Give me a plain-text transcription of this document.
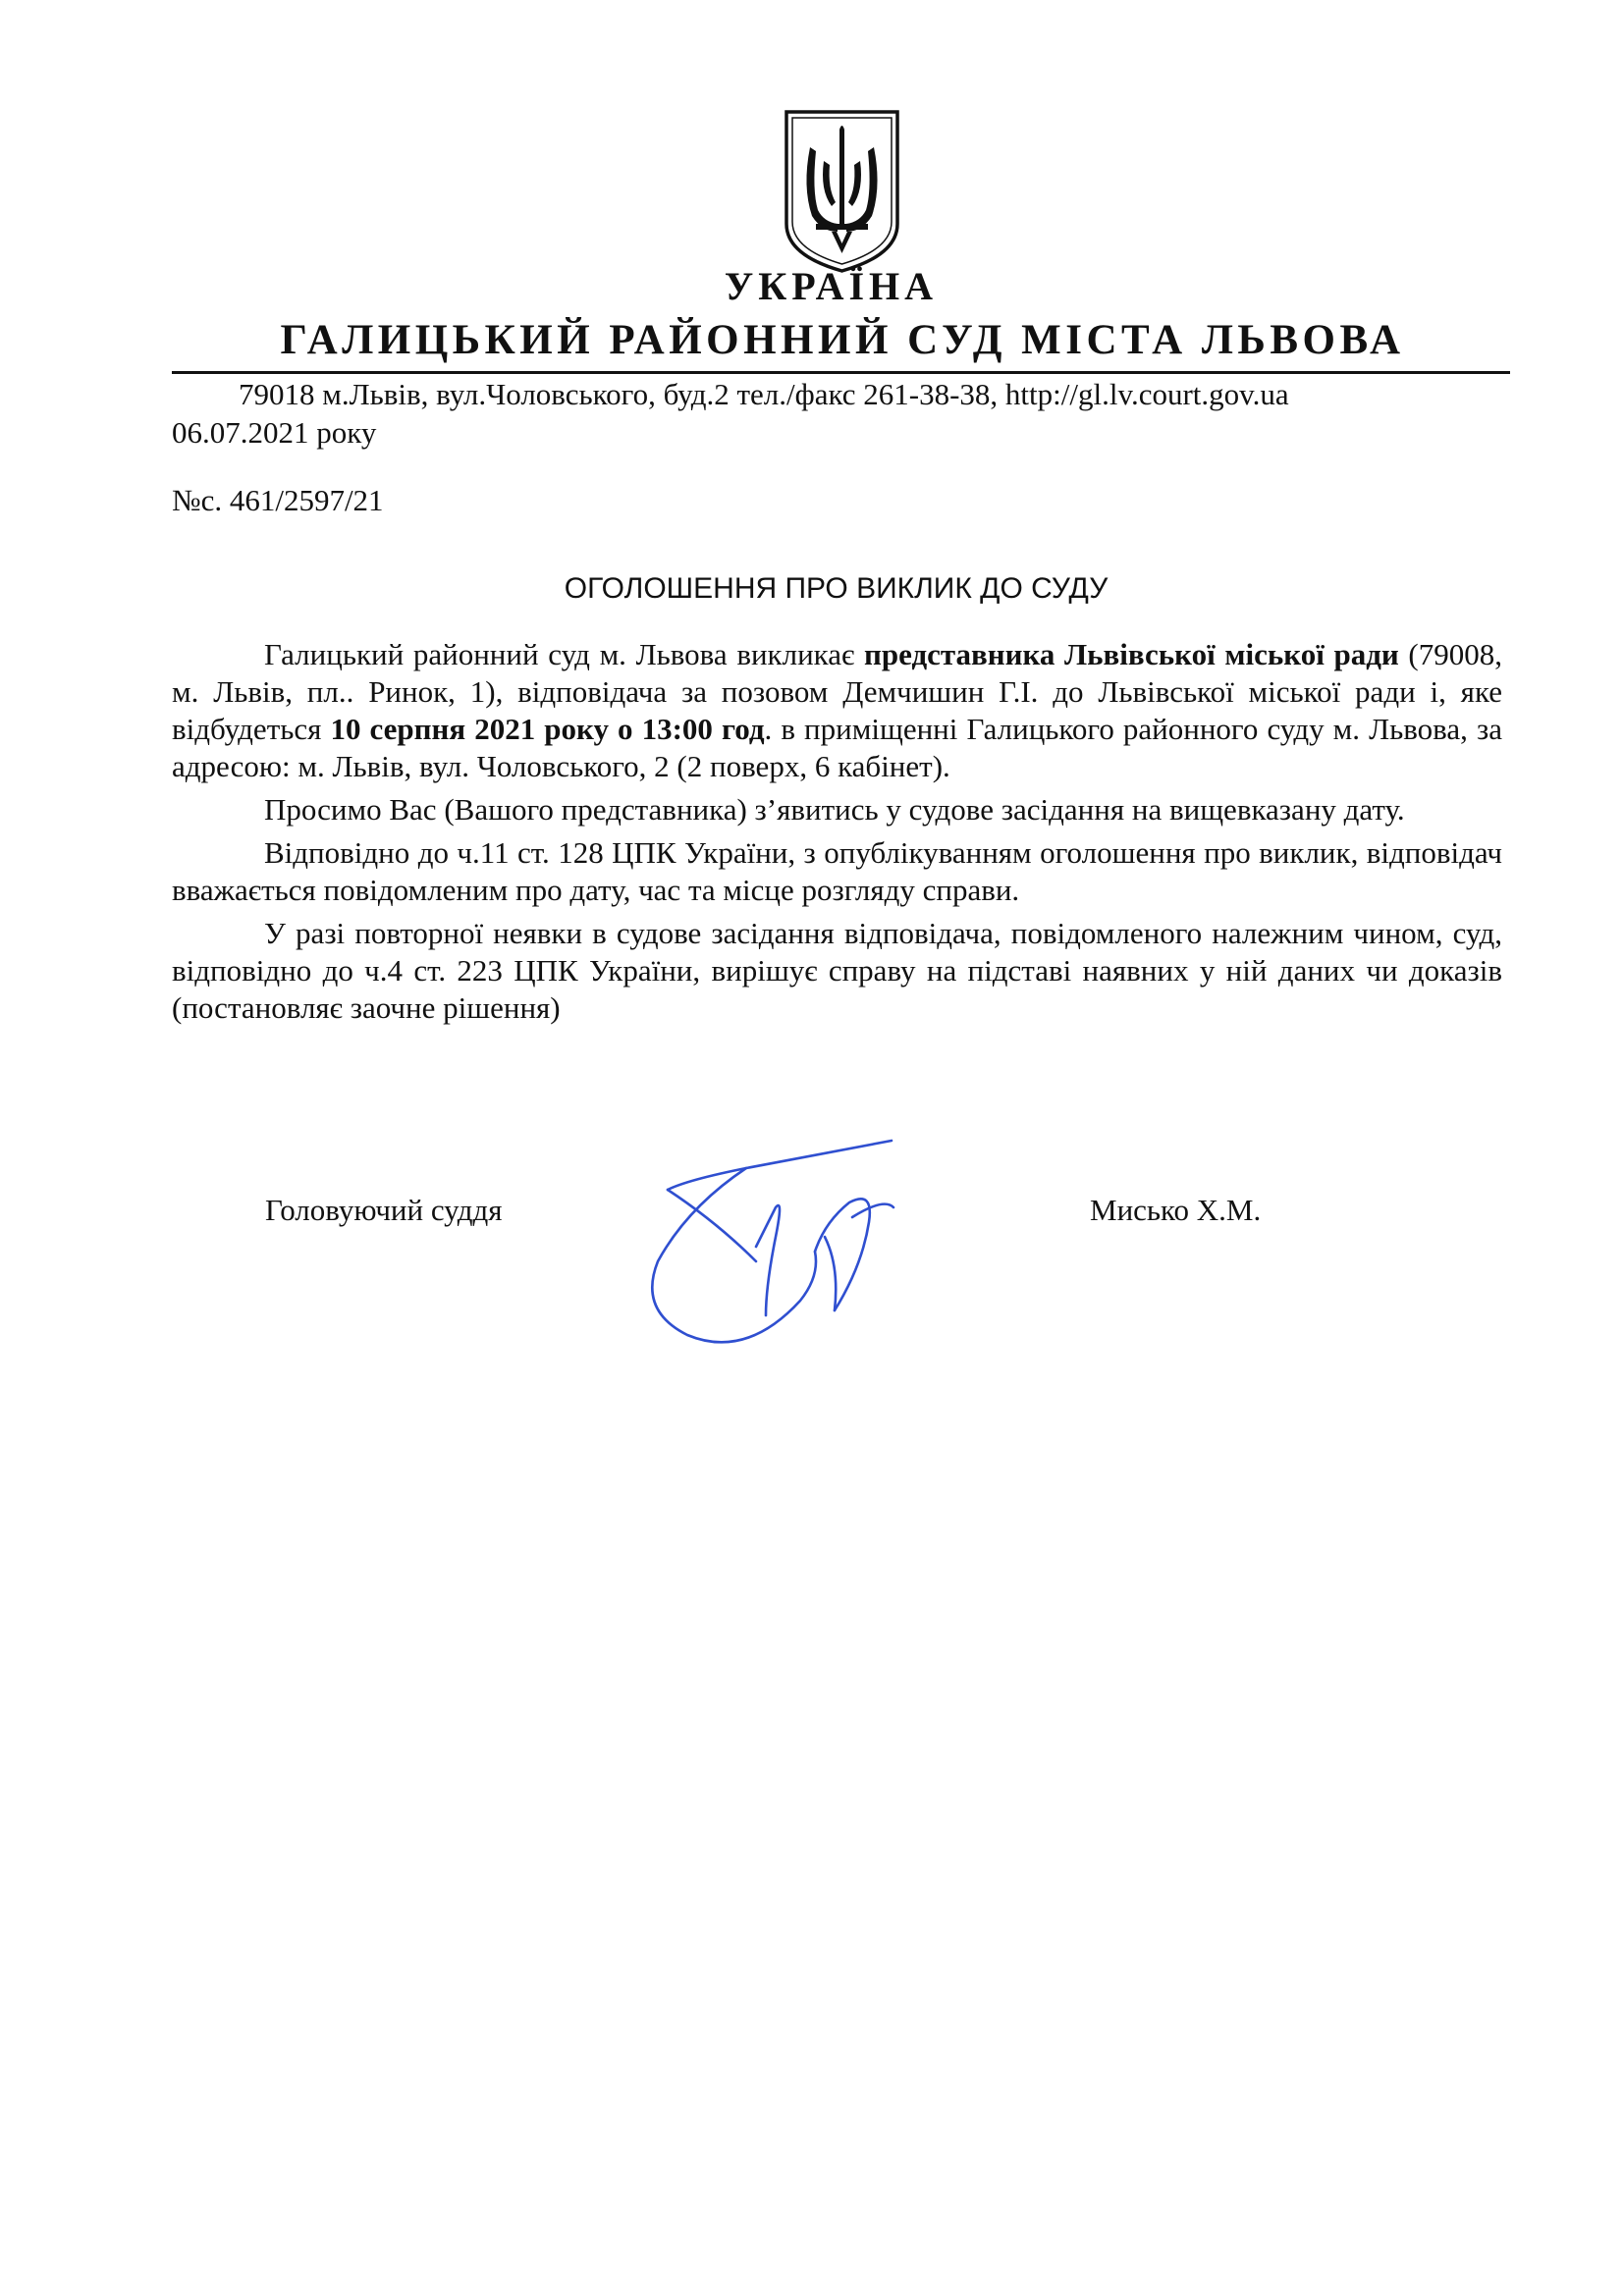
УКРАЇНА
ГАЛИЦЬКИЙ РАЙОННИЙ СУД МІСТА ЛЬВОВА
79018 м.Львів, вул.Чоловського, буд.2 тел./факс 261-38-38, http://gl.lv.court.gov.ua
06.07.2021 року
№с. 461/2597/21
ОГОЛОШЕННЯ ПРО ВИКЛИК ДО СУДУ

Галицький районний суд м. Львова викликає представника Львівської міської ради (79008, м. Львів, пл.. Ринок, 1), відповідача за позовом Демчишин Г.І. до Львівської міської ради і, яке відбудеться 10 серпня 2021 року о 13:00 год. в приміщенні Галицького районного суду м. Львова, за адресою: м. Львів, вул. Чоловського, 2 (2 поверх, 6 кабінет).

Просимо Вас (Вашого представника) з’явитись у судове засідання на вищевказану дату.

Відповідно до ч.11 ст. 128 ЦПК України, з опублікуванням оголошення про виклик, відповідач вважається повідомленим про дату, час та місце розгляду справи.

У разі повторної неявки в судове засідання відповідача, повідомленого належним чином, суд, відповідно до ч.4 ст. 223 ЦПК України, вирішує справу на підставі наявних у ній даних чи доказів (постановляє заочне рішення)

Головуючий суддя	Мисько Х.М.
